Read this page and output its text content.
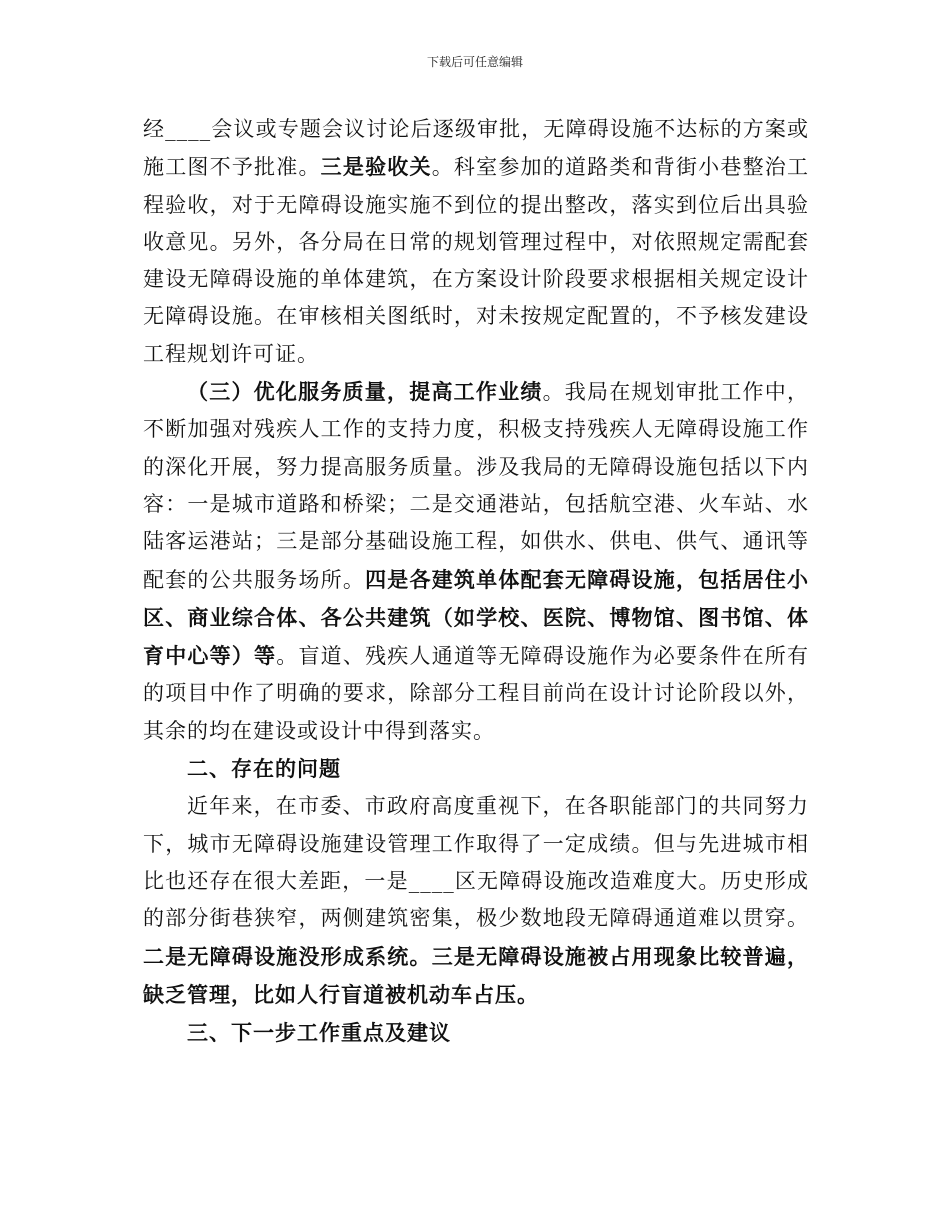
下载后可任意编辑

经____会议或专题会议讨论后逐级审批，无障碍设施不达标的方案或施工图不予批准。三是验收关。科室参加的道路类和背街小巷整治工程验收，对于无障碍设施实施不到位的提出整改，落实到位后出具验收意见。另外，各分局在日常的规划管理过程中，对依照规定需配套建设无障碍设施的单体建筑，在方案设计阶段要求根据相关规定设计无障碍设施。在审核相关图纸时，对未按规定配置的，不予核发建设工程规划许可证。

（三）优化服务质量，提高工作业绩。我局在规划审批工作中，不断加强对残疾人工作的支持力度，积极支持残疾人无障碍设施工作的深化开展，努力提高服务质量。涉及我局的无障碍设施包括以下内容：一是城市道路和桥梁；二是交通港站，包括航空港、火车站、水陆客运港站；三是部分基础设施工程，如供水、供电、供气、通讯等配套的公共服务场所。四是各建筑单体配套无障碍设施，包括居住小区、商业综合体、各公共建筑（如学校、医院、博物馆、图书馆、体育中心等）等。盲道、残疾人通道等无障碍设施作为必要条件在所有的项目中作了明确的要求，除部分工程目前尚在设计讨论阶段以外，其余的均在建设或设计中得到落实。

二、存在的问题

近年来，在市委、市政府高度重视下，在各职能部门的共同努力下，城市无障碍设施建设管理工作取得了一定成绩。但与先进城市相比也还存在很大差距，一是____区无障碍设施改造难度大。历史形成的部分街巷狭窄，两侧建筑密集，极少数地段无障碍通道难以贯穿。二是无障碍设施没形成系统。三是无障碍设施被占用现象比较普遍，缺乏管理，比如人行盲道被机动车占压。

三、下一步工作重点及建议
